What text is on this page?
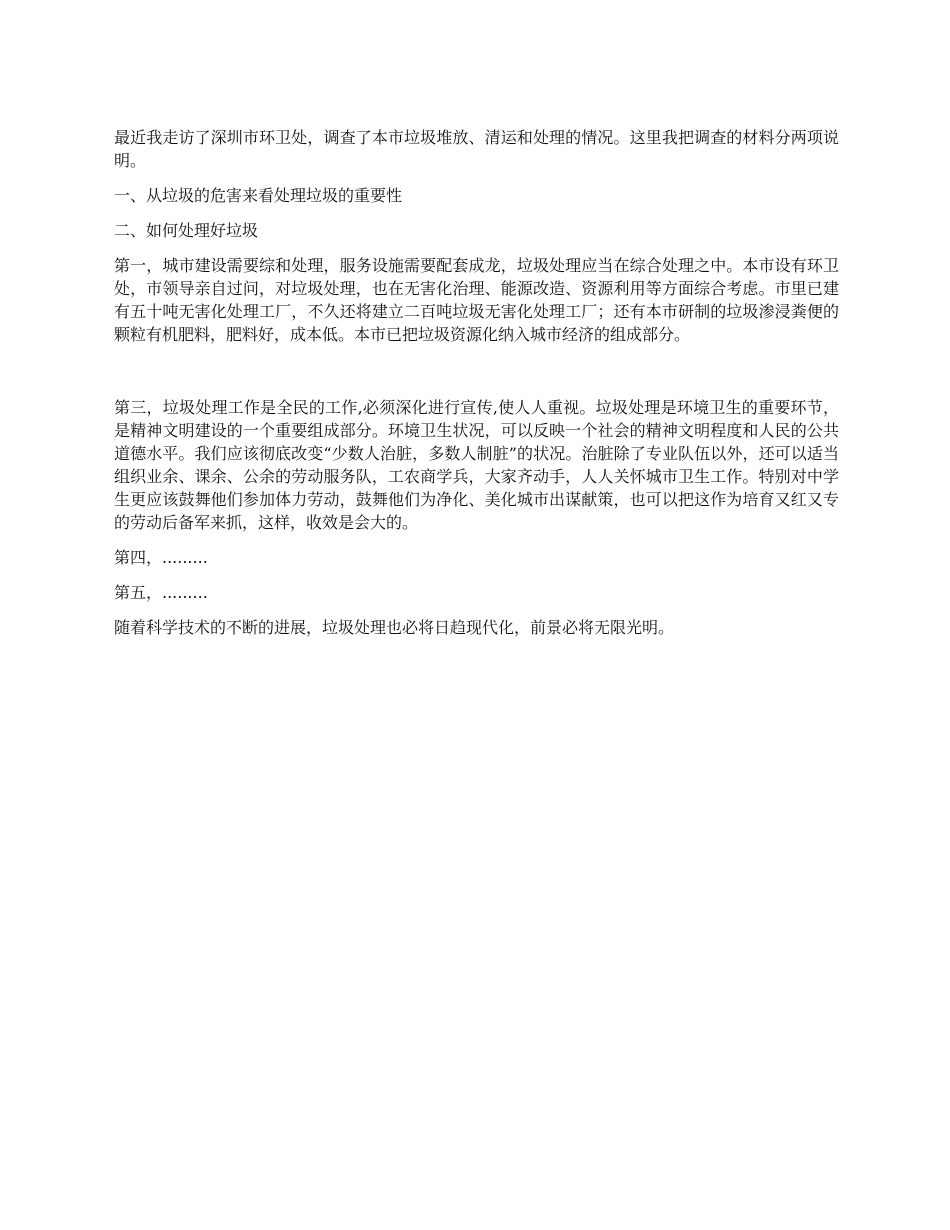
最近我走访了深圳市环卫处，调查了本市垃圾堆放、清运和处理的情况。这里我把调查的材料分两项说明。

一、从垃圾的危害来看处理垃圾的重要性

二、如何处理好垃圾

第一，城市建设需要综和处理，服务设施需要配套成龙，垃圾处理应当在综合处理之中。本市设有环卫处，市领导亲自过问，对垃圾处理，也在无害化治理、能源改造、资源利用等方面综合考虑。市里已建有五十吨无害化处理工厂，不久还将建立二百吨垃圾无害化处理工厂；还有本市研制的垃圾渗浸粪便的颗粒有机肥料，肥料好，成本低。本市已把垃圾资源化纳入城市经济的组成部分。

第三，垃圾处理工作是全民的工作,必须深化进行宣传,使人人重视。垃圾处理是环境卫生的重要环节，是精神文明建设的一个重要组成部分。环境卫生状况，可以反映一个社会的精神文明程度和人民的公共道德水平。我们应该彻底改变“少数人治脏，多数人制脏”的状况。治脏除了专业队伍以外，还可以适当组织业余、课余、公余的劳动服务队，工农商学兵，大家齐动手，人人关怀城市卫生工作。特别对中学生更应该鼓舞他们参加体力劳动，鼓舞他们为净化、美化城市出谋献策，也可以把这作为培育又红又专的劳动后备军来抓，这样，收效是会大的。

第四，.........

第五，.........

随着科学技术的不断的进展，垃圾处理也必将日趋现代化，前景必将无限光明。
